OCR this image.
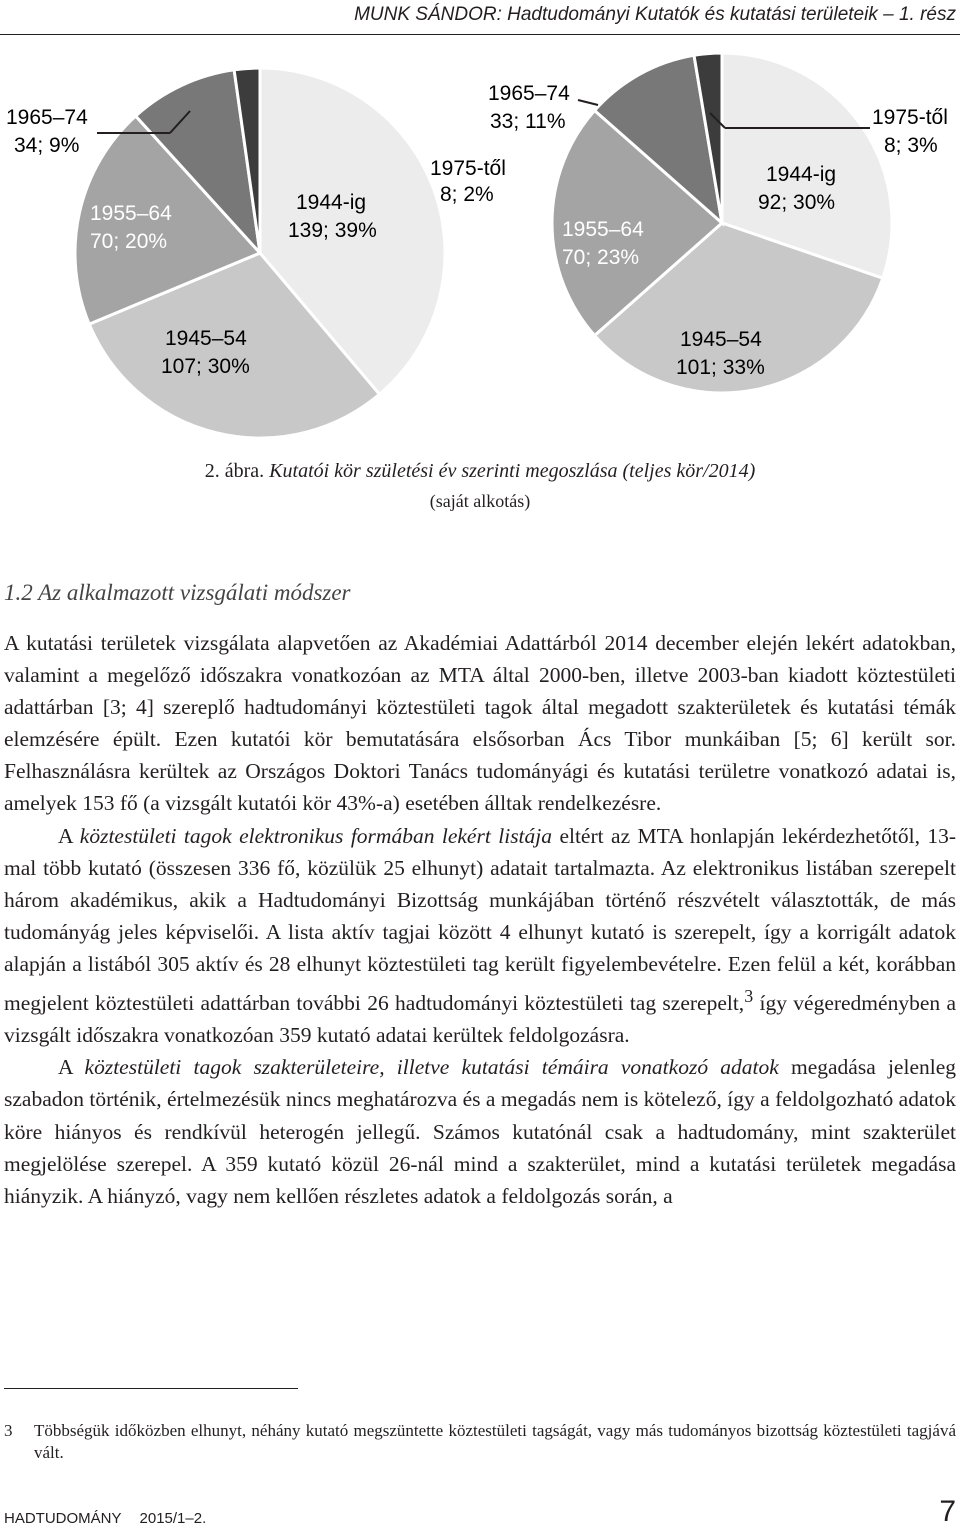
MUNK SÁNDOR: Hadtudományi Kutatók és kutatási területeik – 1. rész
1965–74
34; 9%
1955–64
70; 20%
1944-ig
139; 39%
1975-től
8; 2%
1945–54
107; 30%
1965–74
33; 11%	1975-től
8; 3%
1944-ig
92; 30%
1955–64
70; 23%
1945–54
101; 33%
2. ábra. Kutatói kör születési év szerinti megoszlása (teljes kör/2014)
(saját alkotás)
1.2 Az alkalmazott vizsgálati módszer

A kutatási területek vizsgálata alapvetően az Akadémiai Adattárból 2014 december elején lekért adatokban, valamint a megelőző időszakra vonatkozóan az MTA által 2000-ben, illetve 2003-ban kiadott köztestületi adattárban [3; 4] szereplő hadtudományi köztestületi tagok által megadott szakterületek és kutatási témák elemzésére épült. Ezen kutatói kör bemutatására elsősorban Ács Tibor munkáiban [5; 6] került sor. Felhasználásra kerültek az Országos Doktori Tanács tudományági és kutatási területre vonatkozó adatai is, amelyek 153 fő (a vizsgált kutatói kör 43%-a) esetében álltak rendelkezésre.

A köztestületi tagok elektronikus formában lekért listája eltért az MTA honlapján lekérdezhetőtől, 13-mal több kutató (összesen 336 fő, közülük 25 elhunyt) adatait tartalmazta. Az elektronikus listában szerepelt három akadémikus, akik a Hadtudományi Bizottság munkájában történő részvételt választották, de más tudományág jeles képviselői. A lista aktív tagjai között 4 elhunyt kutató is szerepelt, így a korrigált adatok alapján a listából 305 aktív és 28 elhunyt köztestületi tag került figyelembevételre. Ezen felül a két, korábban megjelent köztestületi adattárban további 26 hadtudományi köztestületi tag szerepelt,$^3$ így végeredményben a vizsgált időszakra vonatkozóan 359 kutató adatai kerültek feldolgozásra.

A köztestületi tagok szakterületeire, illetve kutatási témáira vonatkozó adatok megadása jelenleg szabadon történik, értelmezésük nincs meghatározva és a megadás nem is kötelező, így a feldolgozható adatok köre hiányos és rendkívül heterogén jellegű. Számos kutatónál csak a hadtudomány, mint szakterület megjelölése szerepel. A 359 kutató közül 26-nál mind a szakterület, mind a kutatási területek megadása hiányzik. A hiányzó, vagy nem kellően részletes adatok a feldolgozás során, a

3 Többségük időközben elhunyt, néhány kutató megszüntette köztestületi tagságát, vagy más tudományos bizottság köztestületi tagjává vált.
HADTUDOMÁNY 2015/1–2.	7
